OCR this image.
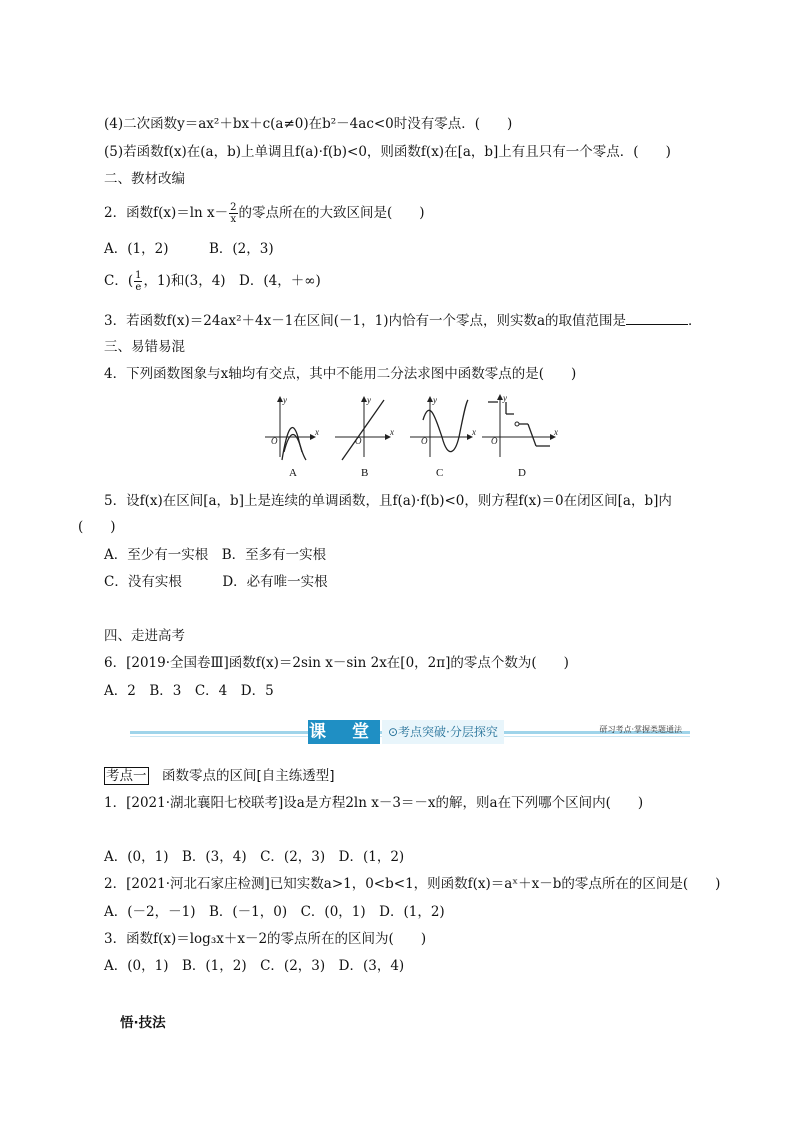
(4)二次函数y＝ax²＋bx＋c(a≠0)在b²－4ac<0时没有零点．(　　)
(5)若函数f(x)在(a，b)上单调且f(a)·f(b)<0，则函数f(x)在[a，b]上有且只有一个零点．(　　)
二、教材改编
2．函数f(x)＝ln $x- \frac{2}{x}$ 的零点所在的大致区间是(　　)
A．(1，2)　　　B．(2，3)
C．( $\frac{1}{e}$ ，1)和(3，4)　D．(4，＋∞)
3．若函数f(x)＝24ax²＋4x－1在区间(－1，1)内恰有一个零点，则实数a的取值范围是	．
三、易错易混
4．下列函数图象与x轴均有交点，其中不能用二分法求图中函数零点的是(　　)
y
x
O
y
x
O
y
x
O
y
x
O
A	B	C	D
5．设f(x)在区间[a，b]上是连续的单调函数，且f(a)·f(b)<0，则方程f(x)＝0在闭区间[a，b]内
(　　)
A．至少有一实根　B．至多有一实根
C．没有实根　　　D．必有唯一实根
四、走进高考
6．[2019·全国卷Ⅲ]函数f(x)＝2sin x－sin 2x在[0，2π]的零点个数为(　　)
A．2　B．3　C．4　D．5
课 堂 ⊙考点突破·分层探究	研习考点·掌握类题通法
考点一　函数零点的区间[自主练透型]
1．[2021·湖北襄阳七校联考]设a是方程2ln x－3＝－x的解，则a在下列哪个区间内(　　)
A．(0，1)　B．(3，4)　C．(2，3)　D．(1，2)
2．[2021·河北石家庄检测]已知实数a>1，0<b<1，则函数f(x)＝aˣ＋x－b的零点所在的区间是(　　)
A．(－2，－1)　B．(－1，0)　C．(0，1)　D．(1，2)
3．函数f(x)＝log₃x＋x－2的零点所在的区间为(　　)
A．(0，1)　B．(1，2)　C．(2，3)　D．(3，4)
悟·技法
